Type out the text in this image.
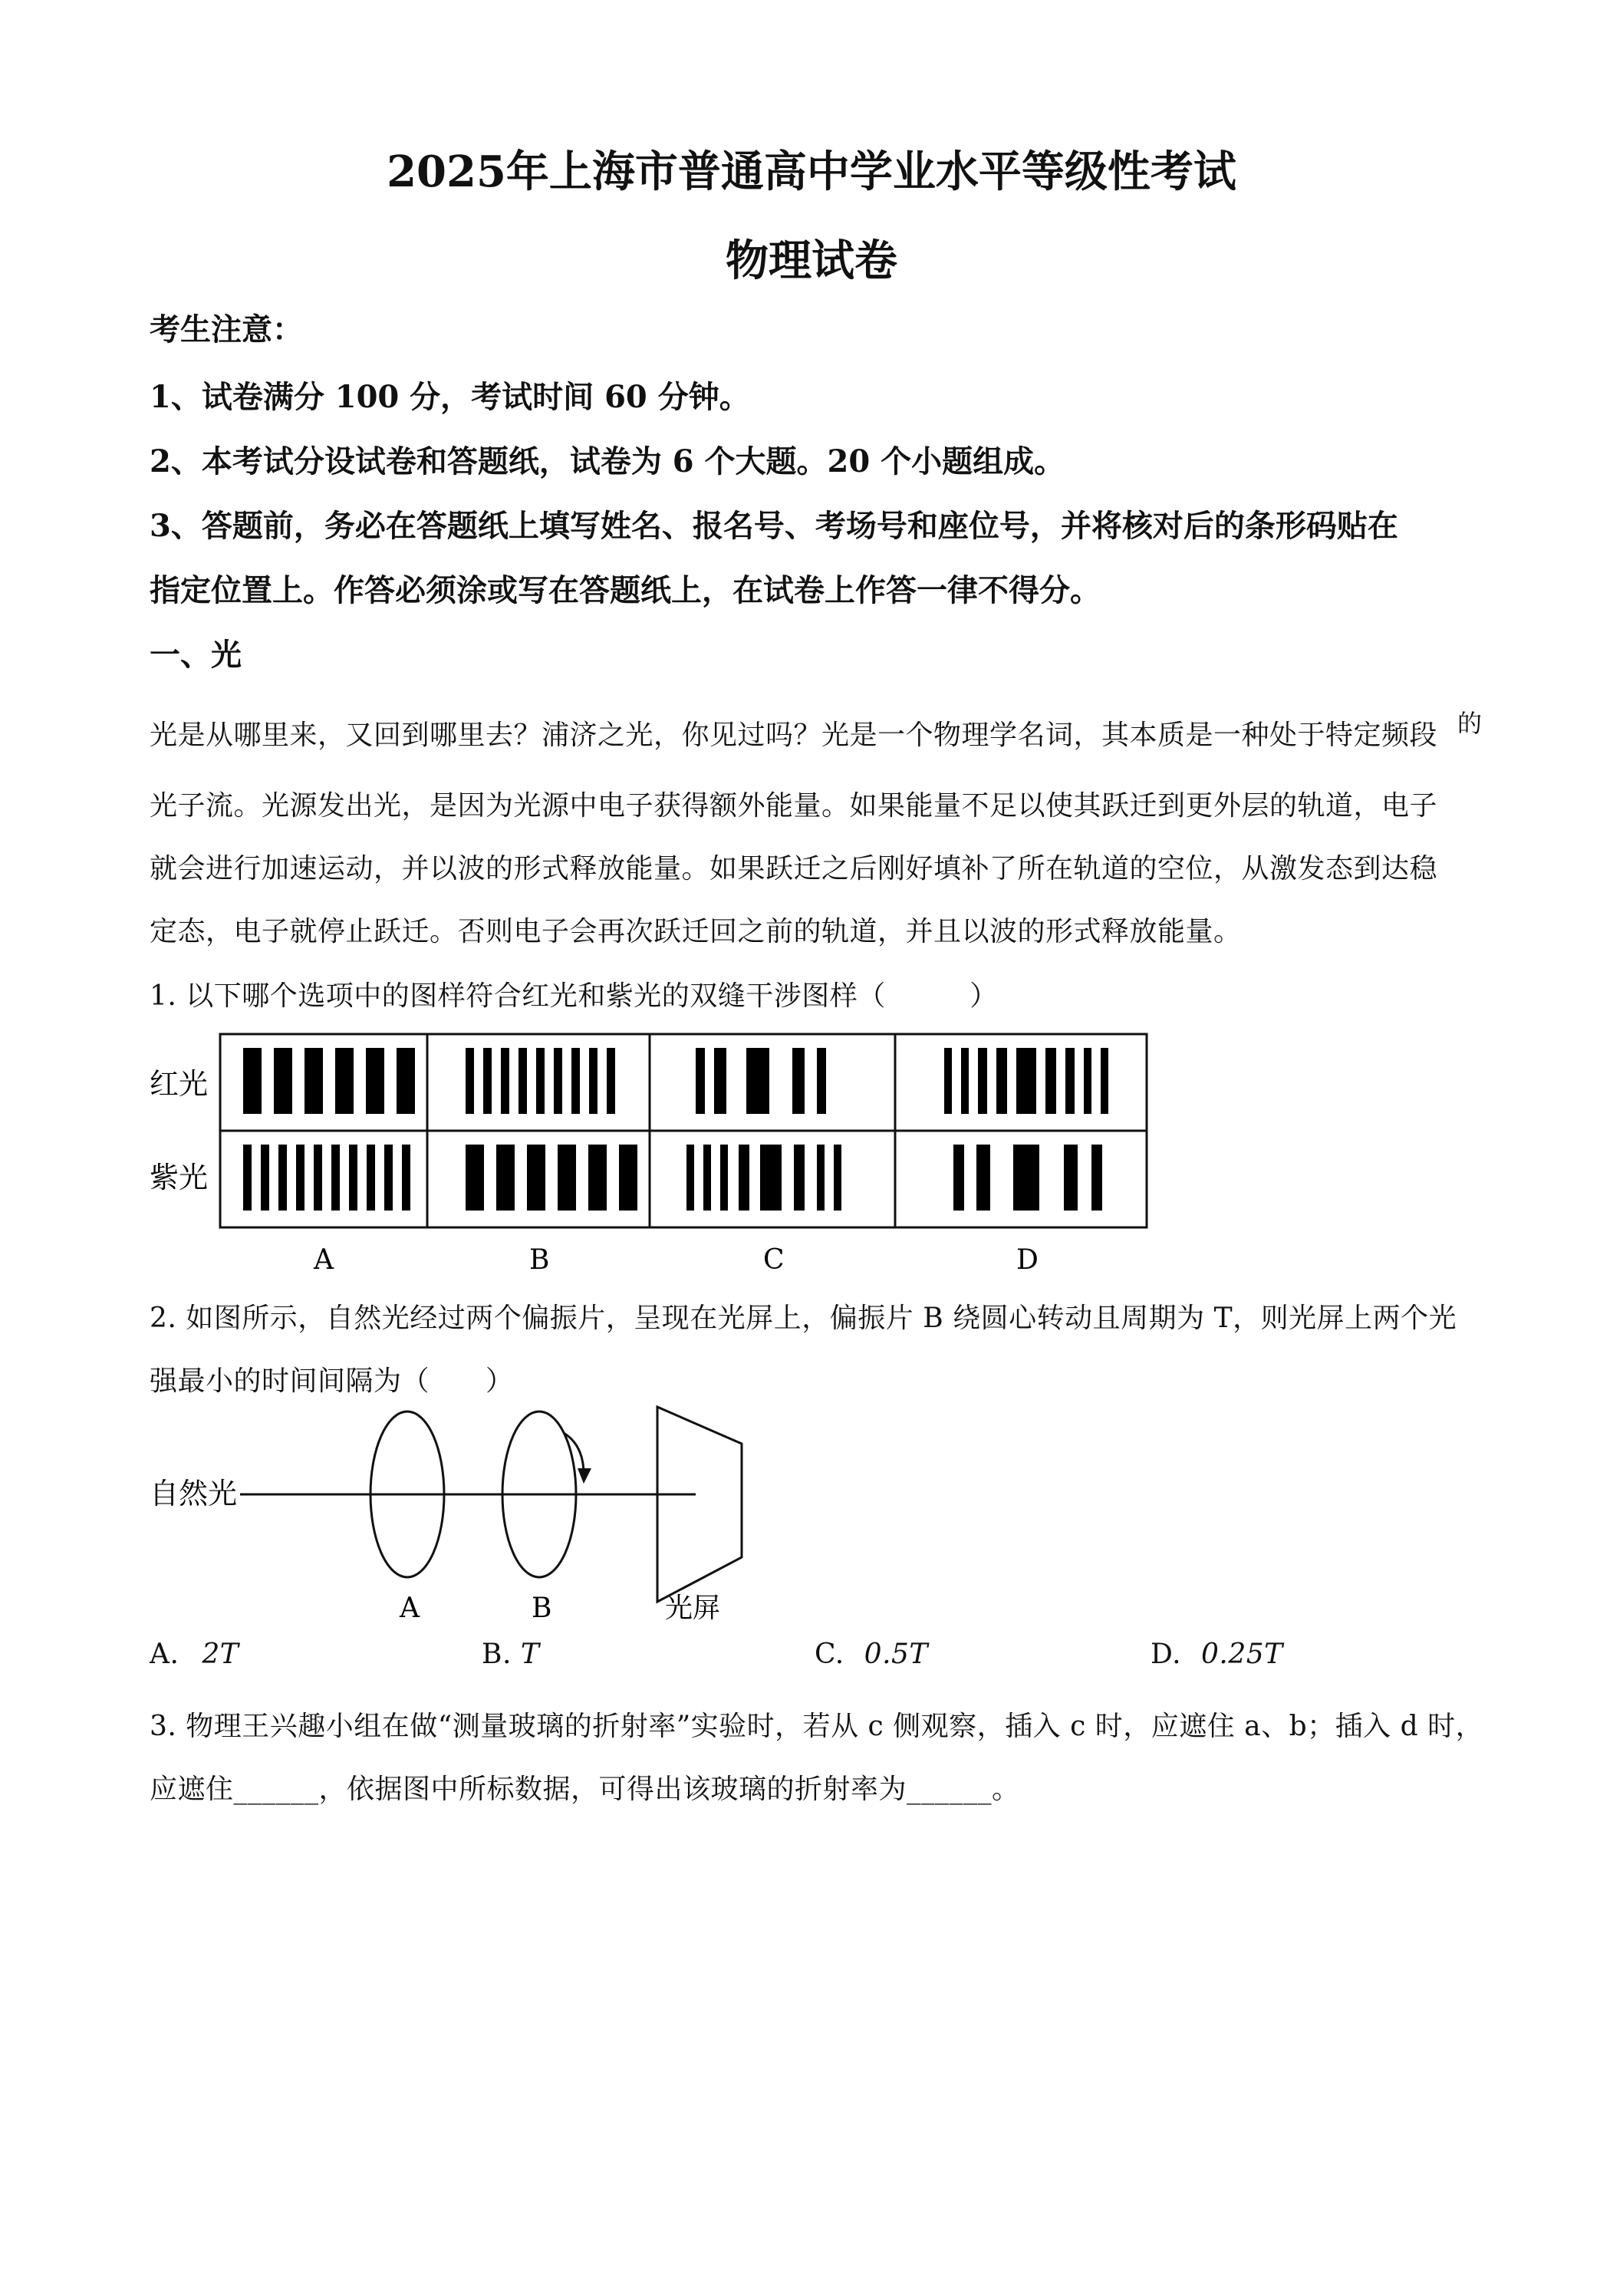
2025年上海市普通高中学业水平等级性考试
物理试卷
考生注意：
1、试卷满分 100 分，考试时间 60 分钟。
2、本考试分设试卷和答题纸，试卷为 6 个大题。20 个小题组成。
3、答题前，务必在答题纸上填写姓名、报名号、考场号和座位号，并将核对后的条形码贴在
指定位置上。作答必须涂或写在答题纸上，在试卷上作答一律不得分。
一、光
光是从哪里来，又回到哪里去？浦济之光，你见过吗？光是一个物理学名词，其本质是一种处于特定频段 的
光子流。光源发出光，是因为光源中电子获得额外能量。如果能量不足以使其跃迁到更外层的轨道，电子
就会进行加速运动，并以波的形式释放能量。如果跃迁之后刚好填补了所在轨道的空位，从激发态到达稳
定态，电子就停止跃迁。否则电子会再次跃迁回之前的轨道，并且以波的形式释放能量。
1. 以下哪个选项中的图样符合红光和紫光的双缝干涉图样（　　　）
红光
紫光
A	B	C	D
2. 如图所示，自然光经过两个偏振片，呈现在光屏上，偏振片 B 绕圆心转动且周期为 T，则光屏上两个光
强最小的时间间隔为（　　）
自然光
A	B	光屏
A. 2T	B. T	C. 0.5T	D. 0.25T
3. 物理王兴趣小组在做“测量玻璃的折射率”实验时，若从 c 侧观察，插入 c 时，应遮住 a、b；插入 d 时，
应遮住______，依据图中所标数据，可得出该玻璃的折射率为______。
